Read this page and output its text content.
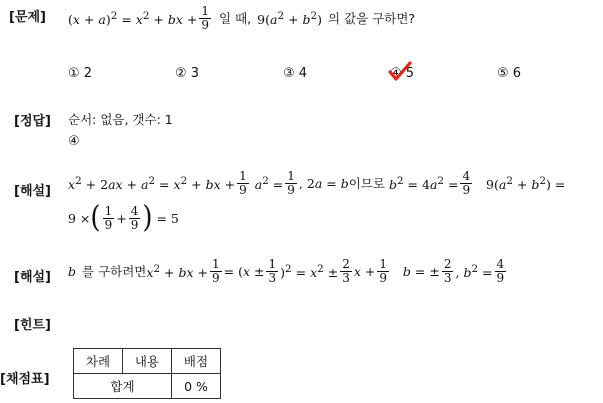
[문제]
[정답]
[해설]
[해설]
[힌트]
[채점표]
$(x + a)^2 = x^2$ + bx + $\frac{1}{9}$ 일 때, $9(a^2 + b^2)$ 의 값을 구하면?
① 2	② 3	③ 4	④ 5	⑤ 6
순서: 없음, 갯수: 1
④
$x^2 + 2ax + a^2 = x^2$ + bx + $\frac{1}{9} a^2 = \frac{1}{9}$ , 2a = b 이므로 $b^2 = 4a^2 = \frac{4}{9} 9(a^2 + b^2)$ =
9 × ( $\frac{1}{9} + \frac{4}{9}$ )
= 5
b 를 구하려면 $x^2$ + bx + $\frac{1}{9} = (x \pm \frac{1}{3} )^2 = x^2 \pm \frac{2}{3}$ $x + \frac{1}{9}$	b = ± $\frac{2}{3}$ , $b^2 = \frac{4}{9}$
차례	내용	배점
합계		0 %
